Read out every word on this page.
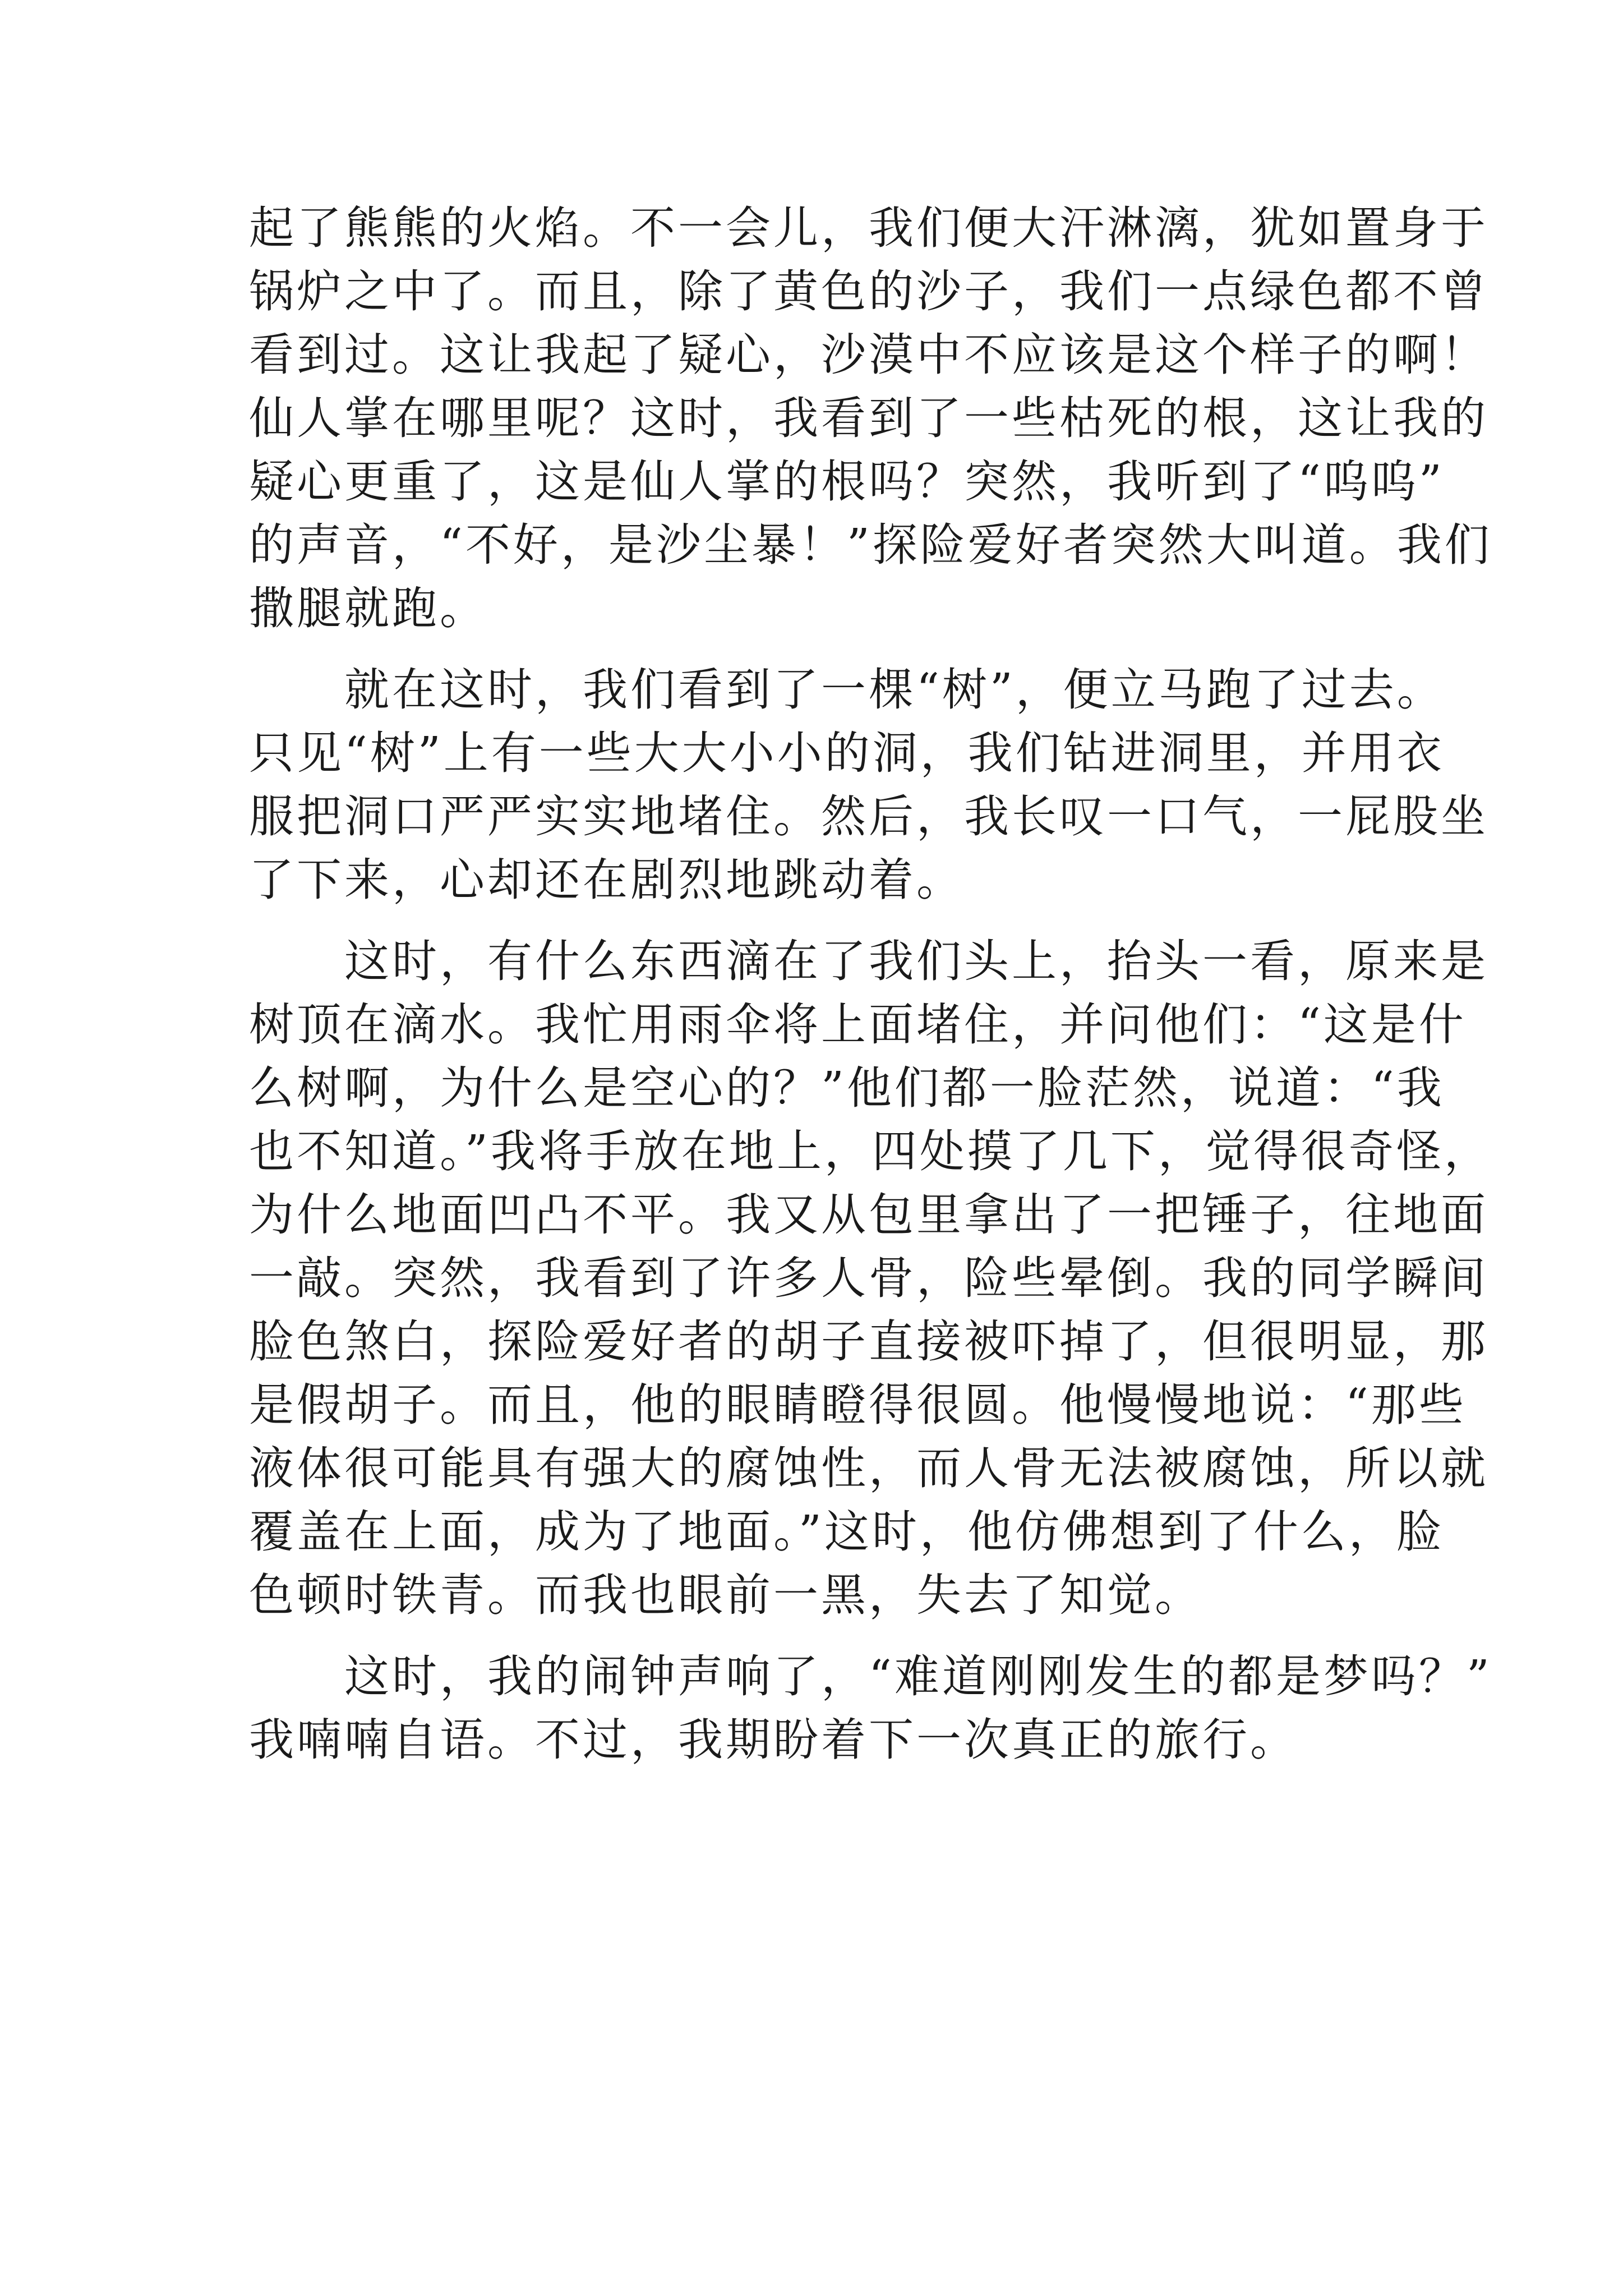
起了熊熊的火焰。不一会儿，我们便大汗淋漓，犹如置身于
锅炉之中了。而且，除了黄色的沙子，我们一点绿色都不曾
看到过。这让我起了疑心，沙漠中不应该是这个样子的啊！
仙人掌在哪里呢？这时，我看到了一些枯死的根，这让我的
疑心更重了，这是仙人掌的根吗？突然，我听到了“呜呜”
的声音，“不好，是沙尘暴！”探险爱好者突然大叫道。我们
撒腿就跑。
　　就在这时，我们看到了一棵“树”，便立马跑了过去。
只见“树”上有一些大大小小的洞，我们钻进洞里，并用衣
服把洞口严严实实地堵住。然后，我长叹一口气，一屁股坐
了下来，心却还在剧烈地跳动着。
　　这时，有什么东西滴在了我们头上，抬头一看，原来是
树顶在滴水。我忙用雨伞将上面堵住，并问他们：“这是什
么树啊，为什么是空心的？”他们都一脸茫然，说道：“我
也不知道。”我将手放在地上，四处摸了几下，觉得很奇怪，
为什么地面凹凸不平。我又从包里拿出了一把锤子，往地面
一敲。突然，我看到了许多人骨，险些晕倒。我的同学瞬间
脸色煞白，探险爱好者的胡子直接被吓掉了，但很明显，那
是假胡子。而且，他的眼睛瞪得很圆。他慢慢地说：“那些
液体很可能具有强大的腐蚀性，而人骨无法被腐蚀，所以就
覆盖在上面，成为了地面。”这时，他仿佛想到了什么，脸
色顿时铁青。而我也眼前一黑，失去了知觉。
　　这时，我的闹钟声响了，“难道刚刚发生的都是梦吗？”
我喃喃自语。不过，我期盼着下一次真正的旅行。
